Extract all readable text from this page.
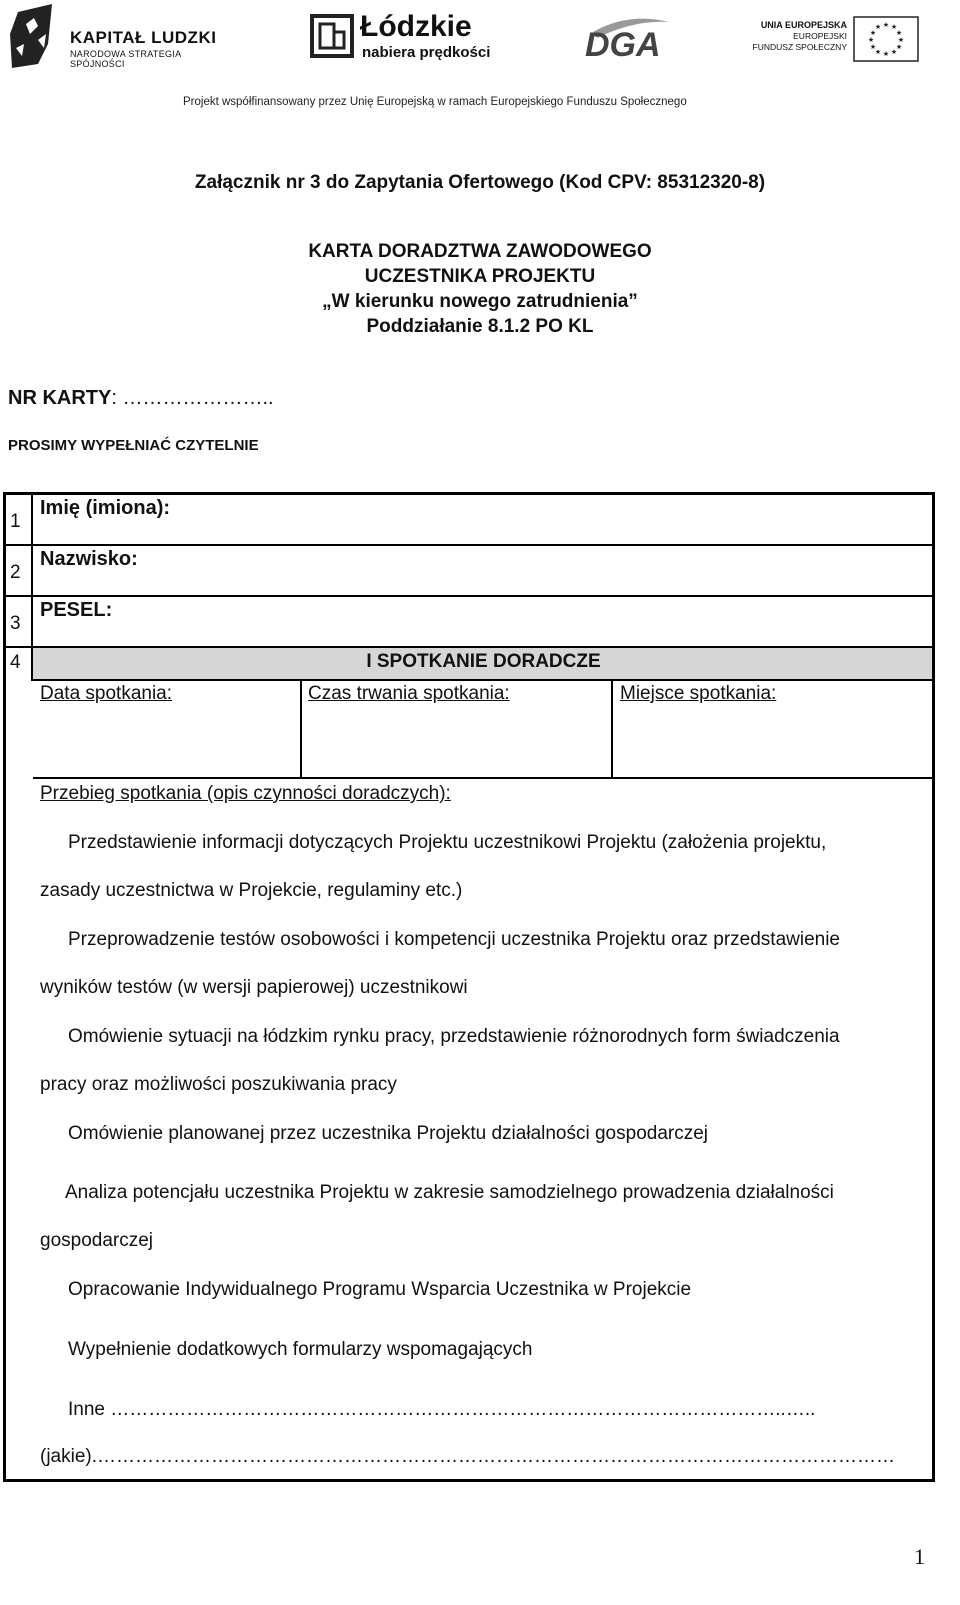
KAPITAŁ LUDZKI
NARODOWA STRATEGIA SPÓJNOŚCI
Łódzkie
nabiera prędkości	DGA
UNIA EUROPEJSKA
EUROPEJSKI
FUNDUSZ SPOŁECZNY
★ ★
★
★
★
★
★
★
★
★
★
★
Projekt współfinansowany przez Unię Europejską w ramach Europejskiego Funduszu Społecznego
Załącznik nr 3 do Zapytania Ofertowego (Kod CPV: 85312320-8)
KARTA DORADZTWA ZAWODOWEGO
UCZESTNIKA PROJEKTU
„W kierunku nowego zatrudnienia”
Poddziałanie 8.1.2 PO KL
NR KARTY: …………………..
PROSIMY WYPEŁNIAĆ CZYTELNIE
1
Imię (imiona):
2
Nazwisko:
3
PESEL:
4	I SPOTKANIE DORADCZE
Data spotkania:	Czas trwania spotkania:	Miejsce spotkania:
Przebieg spotkania (opis czynności doradczych):
Przedstawienie informacji dotyczących Projektu uczestnikowi Projektu (założenia projektu,
zasady uczestnictwa w Projekcie, regulaminy etc.)
Przeprowadzenie testów osobowości i kompetencji uczestnika Projektu oraz przedstawienie
wyników testów (w wersji papierowej) uczestnikowi
Omówienie sytuacji na łódzkim rynku pracy, przedstawienie różnorodnych form świadczenia
pracy oraz możliwości poszukiwania pracy
Omówienie planowanej przez uczestnika Projektu działalności gospodarczej
Analiza potencjału uczestnika Projektu w zakresie samodzielnego prowadzenia działalności
gospodarczej
Opracowanie Indywidualnego Programu Wsparcia Uczestnika w Projekcie
Wypełnienie dodatkowych formularzy wspomagających
Inne ……………………………………………………………………………………………..…..
……………………………………………………………………………………………………………….(jakie)
1
